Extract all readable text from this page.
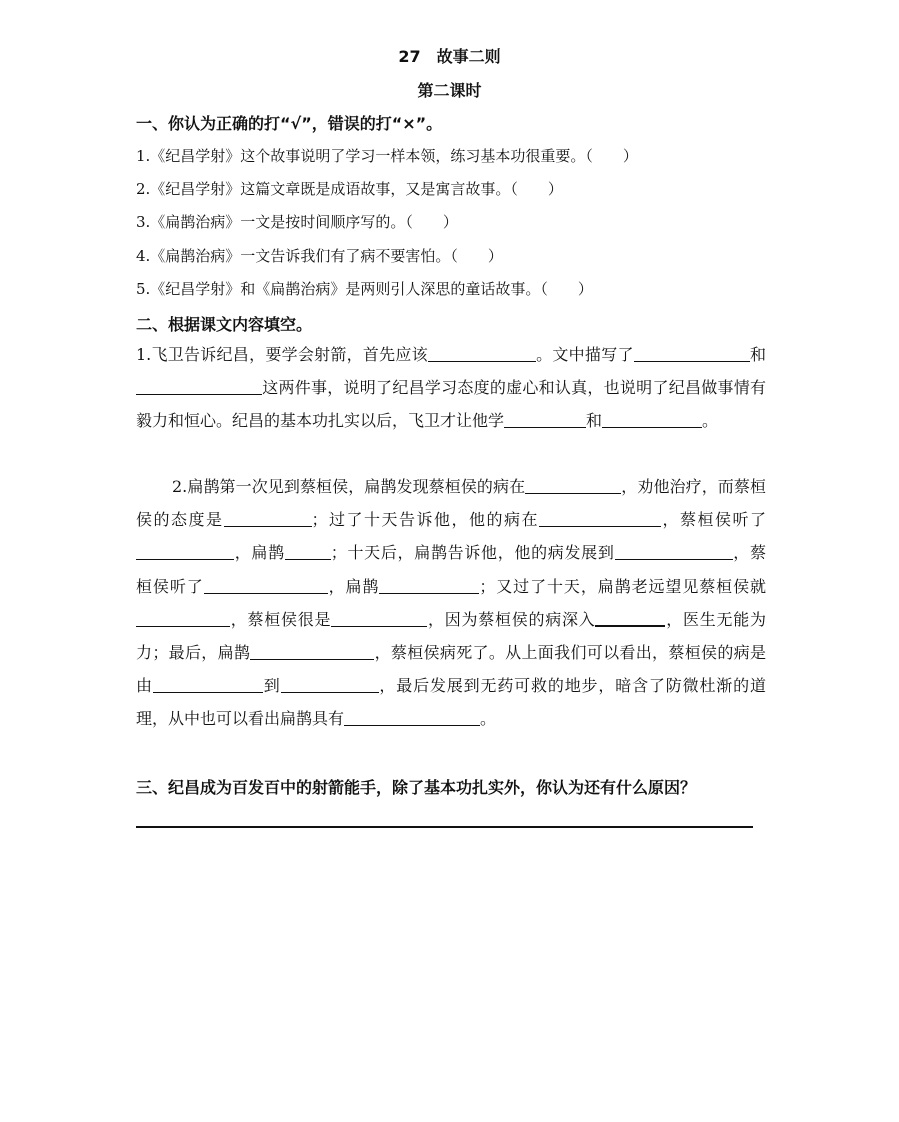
27　故事二则
第二课时
一、你认为正确的打“√”，错误的打“×”。
1.《纪昌学射》这个故事说明了学习一样本领，练习基本功很重要。（　　）
2.《纪昌学射》这篇文章既是成语故事，又是寓言故事。（　　）
3.《扁鹊治病》一文是按时间顺序写的。（　　）
4.《扁鹊治病》一文告诉我们有了病不要害怕。（　　）
5.《纪昌学射》和《扁鹊治病》是两则引人深思的童话故事。（　　）
二、根据课文内容填空。
1.飞卫告诉纪昌，要学会射箭，首先应该	。文中描写了	和这两件事，说明了纪昌学习态度的虚心和认真，也说明了纪昌做事情有毅力和恒心。纪昌的基本功扎实以后，飞卫才让他学	和	。
2.扁鹊第一次见到蔡桓侯，扁鹊发现蔡桓侯的病在	，劝他治疗，而蔡桓侯的态度是	；过了十天告诉他，他的病在	，蔡桓侯听了，扁鹊	；十天后，扁鹊告诉他，他的病发展到	，蔡桓侯听了	，扁鹊	；又过了十天，扁鹊老远望见蔡桓侯就，蔡桓侯很是	，因为蔡桓侯的病深入	，医生无能为力；最后，扁鹊	，蔡桓侯病死了。从上面我们可以看出，蔡桓侯的病是由	到	，最后发展到无药可救的地步，暗含了防微杜渐的道理，从中也可以看出扁鹊具有	。
三、纪昌成为百发百中的射箭能手，除了基本功扎实外，你认为还有什么原因？
